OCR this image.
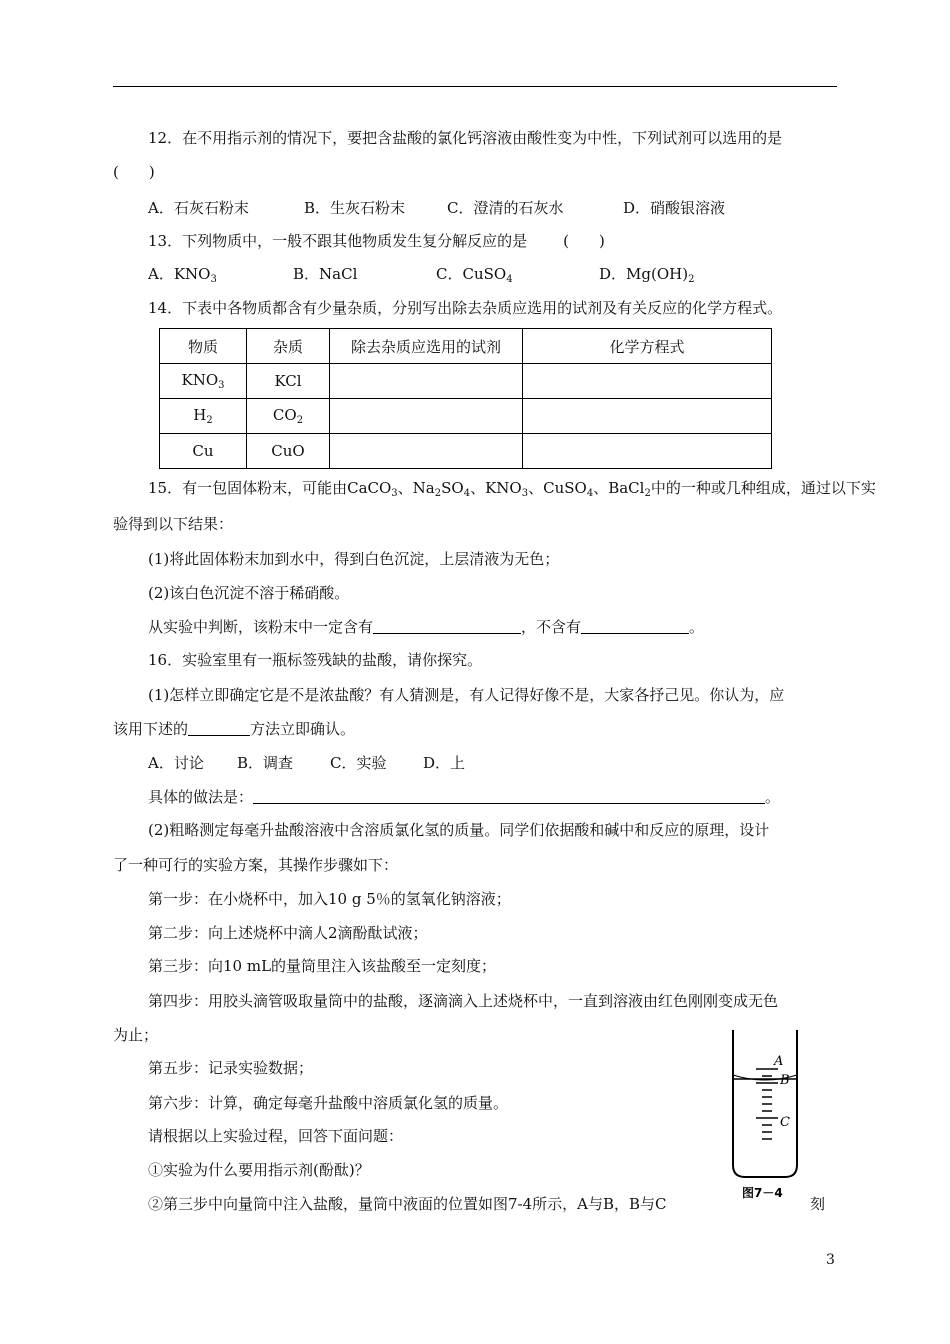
12．在不用指示剂的情况下，要把含盐酸的氯化钙溶液由酸性变为中性，下列试剂可以选用的是
(　　)
A．石灰石粉末	B．生灰石粉末	C．澄清的石灰水	D．硝酸银溶液
13．下列物质中，一般不跟其他物质发生复分解反应的是 (　　)
A．$KNO_3$	B．NaCl	C．CuSO$_4$	D．$Mg(OH)_2$
14．下表中各物质都含有少量杂质，分别写出除去杂质应选用的试剂及有关反应的化学方程式。
物质	杂质	除去杂质应选用的试剂	化学方程式
$KNO_3$	KCl		
$H_2$	$CO_2$		
Cu	CuO		
15．有一包固体粉末，可能由CaCO$_3$、$Na_2SO_4$、$KNO_3$、CuSO$_4$、BaCl$_2$中的一种或几种组成，通过以下实
验得到以下结果：
(1)将此固体粉末加到水中，得到白色沉淀，上层清液为无色；
(2)该白色沉淀不溶于稀硝酸。
从实验中判断，该粉末中一定含有	，不含有	。
16．实验室里有一瓶标签残缺的盐酸，请你探究。
(1)怎样立即确定它是不是浓盐酸？有人猜测是，有人记得好像不是，大家各抒己见。你认为，应
该用下述的	方法立即确认。
A．讨论 B．调查 C．实验 D．上
具体的做法是：	。
(2)粗略测定每毫升盐酸溶液中含溶质氯化氢的质量。同学们依据酸和碱中和反应的原理，设计
了一种可行的实验方案，其操作步骤如下：
第一步：在小烧杯中，加入10 g 5％的氢氧化钠溶液；
第二步：向上述烧杯中滴人2滴酚酞试液；
第三步：向10 mL的量筒里注入该盐酸至一定刻度；
第四步：用胶头滴管吸取量筒中的盐酸，逐滴滴入上述烧杯中，一直到溶液由红色刚刚变成无色
为止；
第五步：记录实验数据；
第六步：计算，确定每毫升盐酸中溶质氯化氢的质量。
请根据以上实验过程，回答下面问题：
①实验为什么要用指示剂(酚酞)？
②第三步中向量筒中注入盐酸，量筒中液面的位置如图7-4所示，A与B，B与C	刻
A
B
C
图7－4
3
